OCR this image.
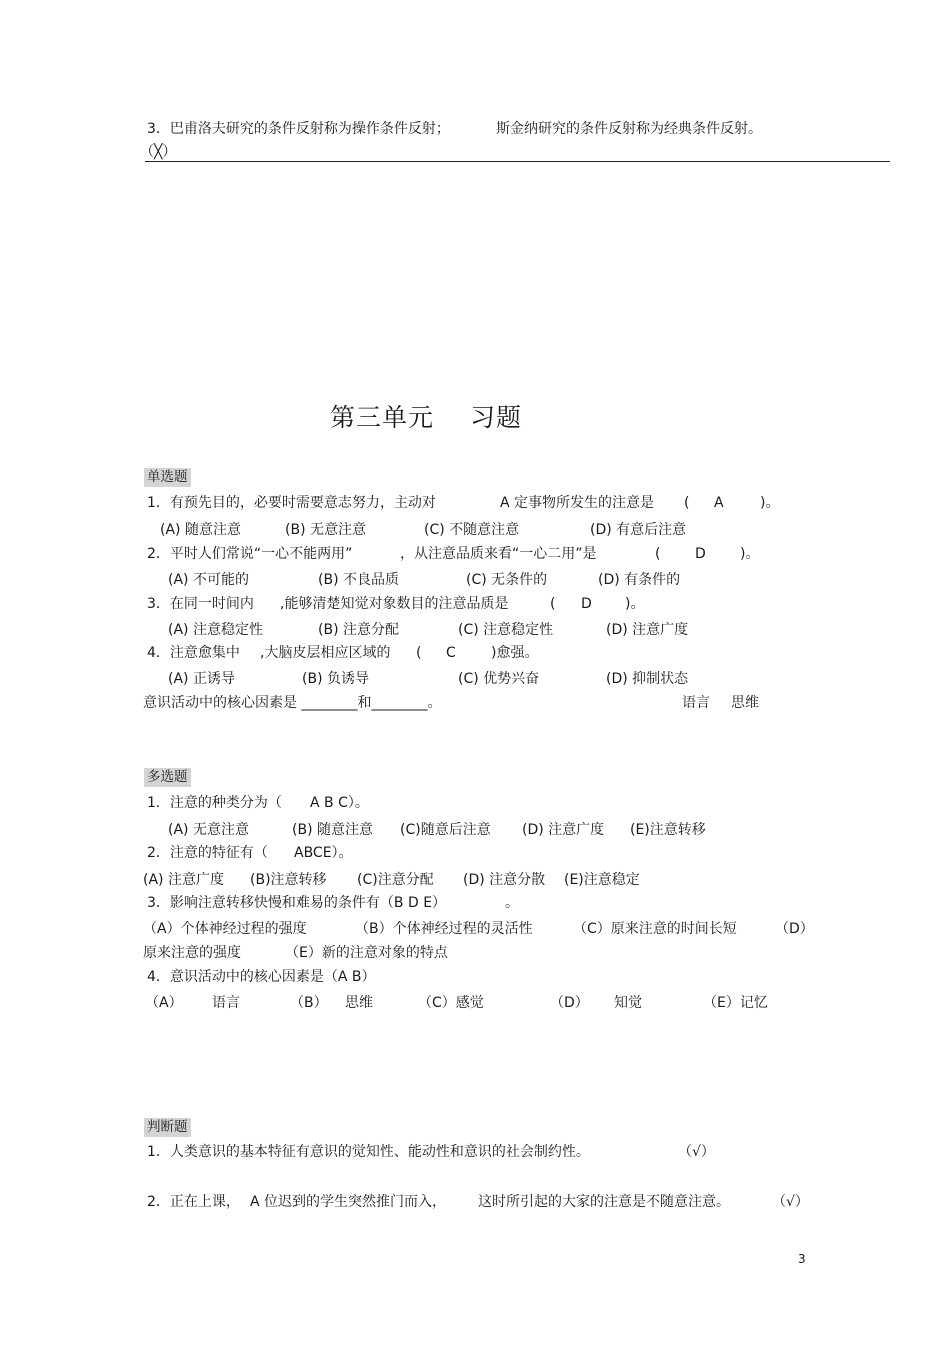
3．巴甫洛夫研究的条件反射称为操作条件反射；	斯金纳研究的条件反射称为经典条件反射。
（╳）
第三单元 习题
单选题
1．有预先目的，必要时需要意志努力，主动对	A 定事物所发生的注意是 ( A	)。
(A) 随意注意	(B) 无意注意	(C) 不随意注意	(D) 有意后注意
2．平时人们常说“一心不能两用”	，从注意品质来看“一心二用”是	( D )。
(A) 不可能的	(B) 不良品质	(C) 无条件的	(D) 有条件的
3．在同一时间内 ,能够清楚知觉对象数目的注意品质是	( D )。
(A) 注意稳定性	(B) 注意分配	(C) 注意稳定性	(D) 注意广度
4．注意愈集中 ,大脑皮层相应区域的 ( C	)愈强。
(A) 正诱导	(B) 负诱导	(C) 优势兴奋	(D) 抑制状态
意识活动中的核心因素是 ________和________。	语言 思维
多选题
1．注意的种类分为（ A B C）。
(A) 无意注意	(B) 随意注意 (C)随意后注意 (D) 注意广度 (E)注意转移
2．注意的特征有（ ABCE）。
(A) 注意广度 (B)注意转移 (C)注意分配 (D) 注意分散 (E)注意稳定
3．影响注意转移快慢和难易的条件有（B D E）	。
（A）个体神经过程的强度	（B）个体神经过程的灵活性	（C）原来注意的时间长短	（D）
原来注意的强度	（E）新的注意对象的特点
4．意识活动中的核心因素是（A B）
（A） 语言	（B） 思维	（C）感觉	（D） 知觉	（E）记忆
判断题
1．人类意识的基本特征有意识的觉知性、能动性和意识的社会制约性。	（√）
2．正在上课， A 位迟到的学生突然推门而入， 这时所引起的大家的注意是不随意注意。	（√）
3
